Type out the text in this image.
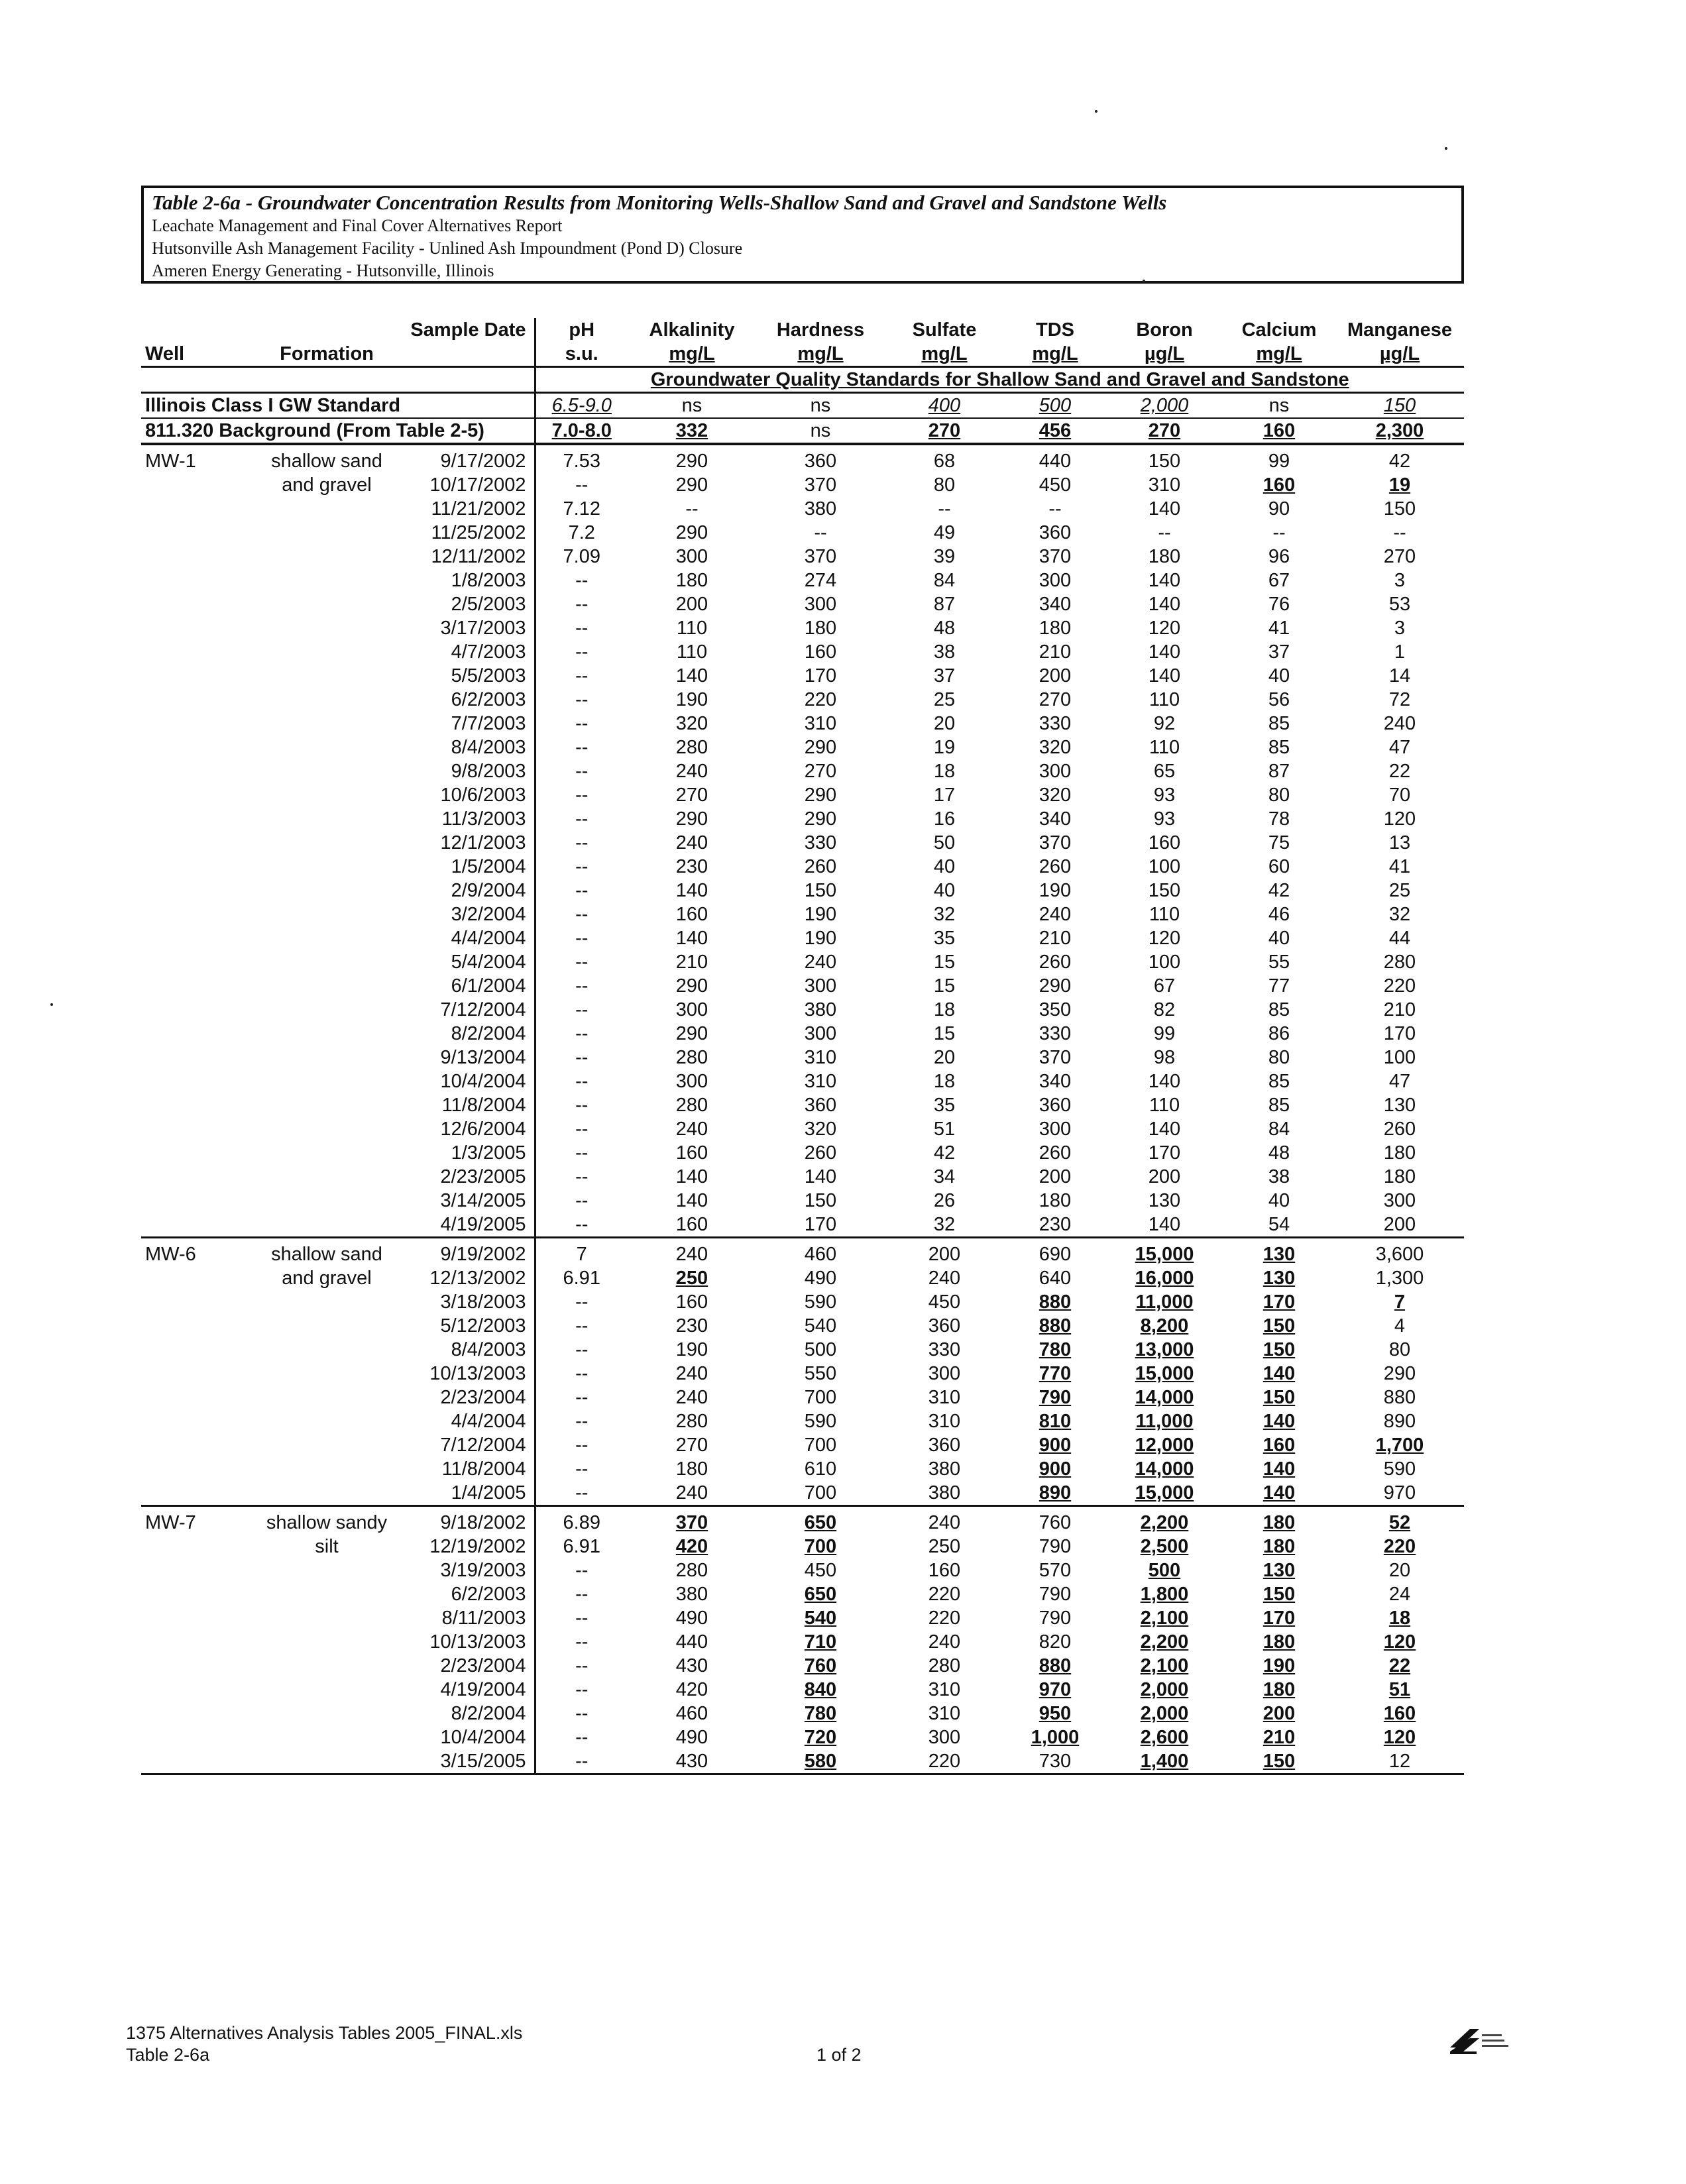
Table 2-6a - Groundwater Concentration Results from Monitoring Wells-Shallow Sand and Gravel and Sandstone Wells
Leachate Management and Final Cover Alternatives Report
Hutsonville Ash Management Facility - Unlined Ash Impoundment (Pond D) Closure
Ameren Energy Generating - Hutsonville, Illinois
		Sample Date	pH	Alkalinity	Hardness	Sulfate	TDS	Boron	Calcium	Manganese
Well	Formation		s.u.	mg/L	mg/L	mg/L	mg/L	µg/L	mg/L	µg/L
			Groundwater Quality Standards for Shallow Sand and Gravel and Sandstone							
Illinois Class I GW Standard			6.5-9.0	ns	ns	400	500	2,000	ns	150
811.320 Background (From Table 2-5)			7.0-8.0	332	ns	270	456	270	160	2,300
MW-1	shallow sand	9/17/2002	7.53	290	360	68	440	150	99	42
	and gravel	10/17/2002	--	290	370	80	450	310	160	19
		11/21/2002	7.12	--	380	--	--	140	90	150
		11/25/2002	7.2	290	--	49	360	--	--	--
		12/11/2002	7.09	300	370	39	370	180	96	270
		1/8/2003	--	180	274	84	300	140	67	3
		2/5/2003	--	200	300	87	340	140	76	53
		3/17/2003	--	110	180	48	180	120	41	3
		4/7/2003	--	110	160	38	210	140	37	1
		5/5/2003	--	140	170	37	200	140	40	14
		6/2/2003	--	190	220	25	270	110	56	72
		7/7/2003	--	320	310	20	330	92	85	240
		8/4/2003	--	280	290	19	320	110	85	47
		9/8/2003	--	240	270	18	300	65	87	22
		10/6/2003	--	270	290	17	320	93	80	70
		11/3/2003	--	290	290	16	340	93	78	120
		12/1/2003	--	240	330	50	370	160	75	13
		1/5/2004	--	230	260	40	260	100	60	41
		2/9/2004	--	140	150	40	190	150	42	25
		3/2/2004	--	160	190	32	240	110	46	32
		4/4/2004	--	140	190	35	210	120	40	44
		5/4/2004	--	210	240	15	260	100	55	280
		6/1/2004	--	290	300	15	290	67	77	220
		7/12/2004	--	300	380	18	350	82	85	210
		8/2/2004	--	290	300	15	330	99	86	170
		9/13/2004	--	280	310	20	370	98	80	100
		10/4/2004	--	300	310	18	340	140	85	47
		11/8/2004	--	280	360	35	360	110	85	130
		12/6/2004	--	240	320	51	300	140	84	260
		1/3/2005	--	160	260	42	260	170	48	180
		2/23/2005	--	140	140	34	200	200	38	180
		3/14/2005	--	140	150	26	180	130	40	300
		4/19/2005	--	160	170	32	230	140	54	200
MW-6	shallow sand	9/19/2002	7	240	460	200	690	15,000	130	3,600
	and gravel	12/13/2002	6.91	250	490	240	640	16,000	130	1,300
		3/18/2003	--	160	590	450	880	11,000	170	7
		5/12/2003	--	230	540	360	880	8,200	150	4
		8/4/2003	--	190	500	330	780	13,000	150	80
		10/13/2003	--	240	550	300	770	15,000	140	290
		2/23/2004	--	240	700	310	790	14,000	150	880
		4/4/2004	--	280	590	310	810	11,000	140	890
		7/12/2004	--	270	700	360	900	12,000	160	1,700
		11/8/2004	--	180	610	380	900	14,000	140	590
		1/4/2005	--	240	700	380	890	15,000	140	970
MW-7	shallow sandy	9/18/2002	6.89	370	650	240	760	2,200	180	52
	silt	12/19/2002	6.91	420	700	250	790	2,500	180	220
		3/19/2003	--	280	450	160	570	500	130	20
		6/2/2003	--	380	650	220	790	1,800	150	24
		8/11/2003	--	490	540	220	790	2,100	170	18
		10/13/2003	--	440	710	240	820	2,200	180	120
		2/23/2004	--	430	760	280	880	2,100	190	22
		4/19/2004	--	420	840	310	970	2,000	180	51
		8/2/2004	--	460	780	310	950	2,000	200	160
		10/4/2004	--	490	720	300	1,000	2,600	210	120
		3/15/2005	--	430	580	220	730	1,400	150	12
1375 Alternatives Analysis Tables 2005_FINAL.xls
Table 2-6a	1 of 2
